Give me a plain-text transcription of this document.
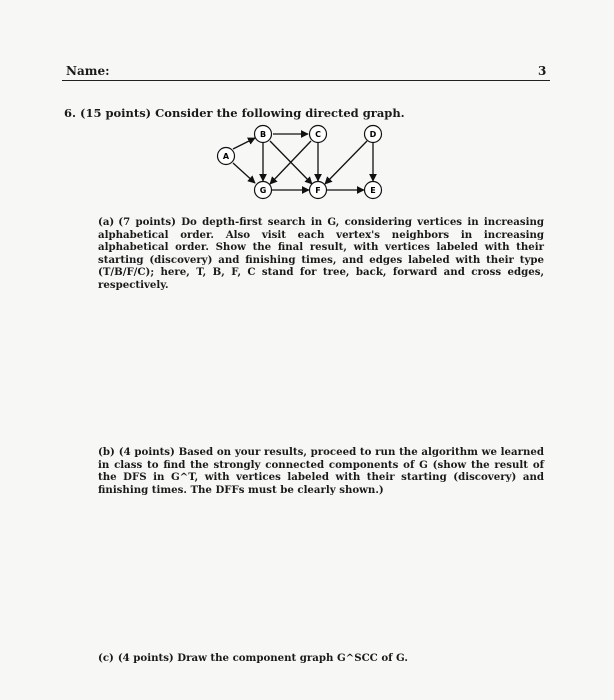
Name:	3
6. (15 points) Consider the following directed graph.
A
B	C	D
E
F
G
(a) (7 points) Do depth-first search in G, considering vertices in increasing alphabetical order. Also visit each vertex's neighbors in increasing alphabetical order. Show the final result, with vertices labeled with their starting (discovery) and finishing times, and edges labeled with their type (T/B/F/C); here, T, B, F, C stand for tree, back, forward and cross edges, respectively.
(b) (4 points) Based on your results, proceed to run the algorithm we learned in class to find the strongly connected components of G (show the result of the DFS in G^T, with vertices labeled with their starting (discovery) and finishing times. The DFFs must be clearly shown.)
(c) (4 points) Draw the component graph G^SCC of G.
